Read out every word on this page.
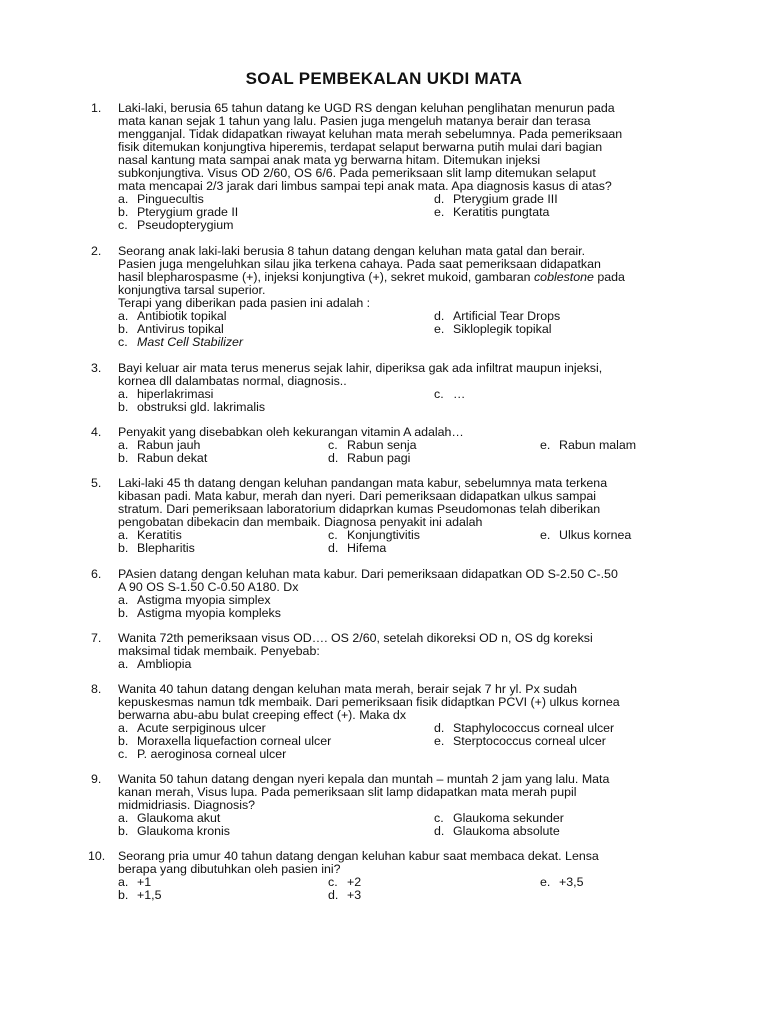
SOAL PEMBEKALAN UKDI MATA
1. Laki-laki, berusia 65 tahun datang ke UGD RS dengan keluhan penglihatan menurun pada
mata kanan sejak 1 tahun yang lalu. Pasien juga mengeluh matanya berair dan terasa
mengganjal. Tidak didapatkan riwayat keluhan mata merah sebelumnya. Pada pemeriksaan
fisik ditemukan konjungtiva hiperemis, terdapat selaput berwarna putih mulai dari bagian
nasal kantung mata sampai anak mata yg berwarna hitam. Ditemukan injeksi
subkonjungtiva. Visus OD 2/60, OS 6/6. Pada pemeriksaan slit lamp ditemukan selaput
mata mencapai 2/3 jarak dari limbus sampai tepi anak mata. Apa diagnosis kasus di atas?
a. Pinguecultis
b. Pterygium grade II
c. Pseudopterygium
d. Pterygium grade III
e. Keratitis pungtata
2. Seorang anak laki-laki berusia 8 tahun datang dengan keluhan mata gatal dan berair.
Pasien juga mengeluhkan silau jika terkena cahaya. Pada saat pemeriksaan didapatkan
hasil blepharospasme (+), injeksi konjungtiva (+), sekret mukoid, gambaran coblestone pada
konjungtiva tarsal superior.
Terapi yang diberikan pada pasien ini adalah :
a. Antibiotik topikal
b. Antivirus topikal
c. Mast Cell Stabilizer
d. Artificial Tear Drops
e. Sikloplegik topikal
3. Bayi keluar air mata terus menerus sejak lahir, diperiksa gak ada infiltrat maupun injeksi,
kornea dll dalambatas normal, diagnosis..
a. hiperlakrimasi
b. obstruksi gld. lakrimalis
c. …
4. Penyakit yang disebabkan oleh kekurangan vitamin A adalah…
a. Rabun jauh
b. Rabun dekat
c. Rabun senja
d. Rabun pagi
e. Rabun malam
5. Laki-laki 45 th datang dengan keluhan pandangan mata kabur, sebelumnya mata terkena
kibasan padi. Mata kabur, merah dan nyeri. Dari pemeriksaan didapatkan ulkus sampai
stratum. Dari pemeriksaan laboratorium didaprkan kumas Pseudomonas telah diberikan
pengobatan dibekacin dan membaik. Diagnosa penyakit ini adalah
a. Keratitis
b. Blepharitis
c. Konjungtivitis
d. Hifema
e. Ulkus kornea
6. PAsien datang dengan keluhan mata kabur. Dari pemeriksaan didapatkan OD S-2.50 C-.50
A 90 OS S-1.50 C-0.50 A180. Dx
a. Astigma myopia simplex
b. Astigma myopia kompleks
7. Wanita 72th pemeriksaan visus OD…. OS 2/60, setelah dikoreksi OD n, OS dg koreksi
maksimal tidak membaik. Penyebab:
a. Ambliopia
8. Wanita 40 tahun datang dengan keluhan mata merah, berair sejak 7 hr yl. Px sudah
kepuskesmas namun tdk membaik. Dari pemeriksaan fisik didaptkan PCVI (+) ulkus kornea
berwarna abu-abu bulat creeping effect (+). Maka dx
a. Acute serpiginous ulcer
b. Moraxella liquefaction corneal ulcer
c. P. aeroginosa corneal ulcer
d. Staphylococcus corneal ulcer
e. Sterptococcus corneal ulcer
9. Wanita 50 tahun datang dengan nyeri kepala dan muntah – muntah 2 jam yang lalu. Mata
kanan merah, Visus lupa. Pada pemeriksaan slit lamp didapatkan mata merah pupil
midmidriasis. Diagnosis?
a. Glaukoma akut
b. Glaukoma kronis
c. Glaukoma sekunder
d. Glaukoma absolute
10. Seorang pria umur 40 tahun datang dengan keluhan kabur saat membaca dekat. Lensa
berapa yang dibutuhkan oleh pasien ini?
a. +1
b. +1,5
c. +2
d. +3
e. +3,5
